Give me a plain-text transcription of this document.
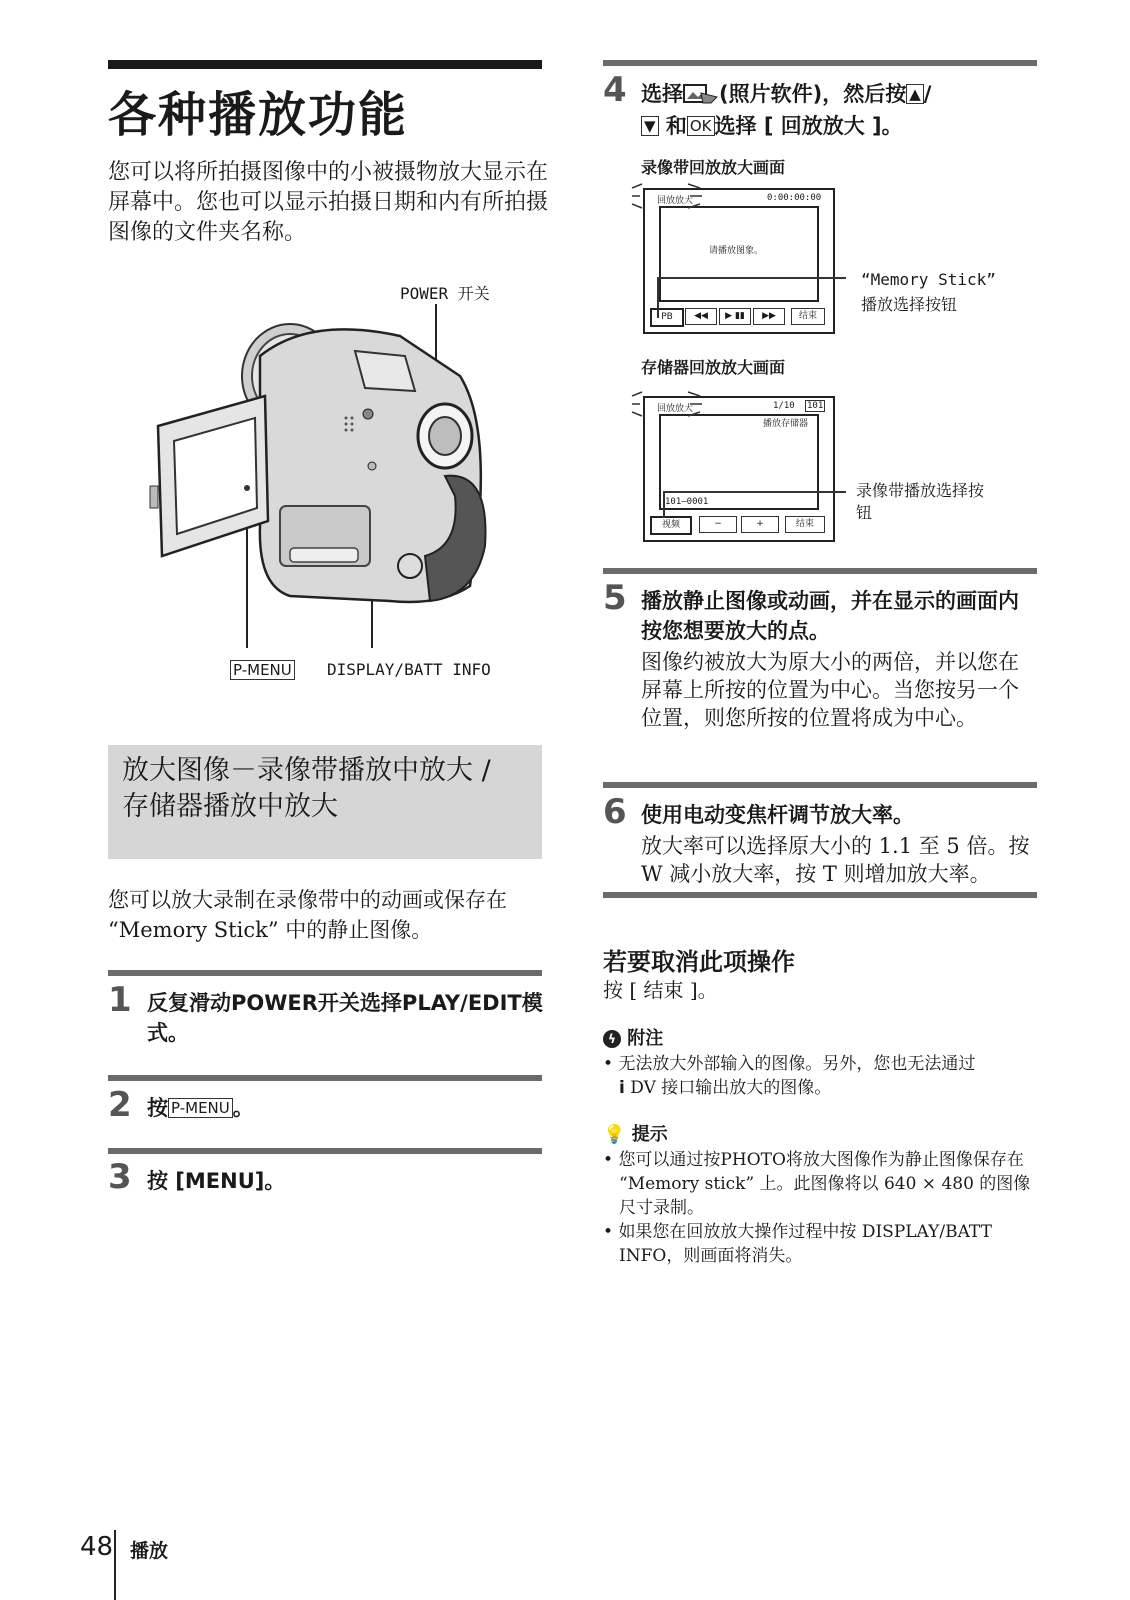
各种播放功能
您可以将所拍摄图像中的小被摄物放大显示在屏幕中。您也可以显示拍摄日期和内有所拍摄图像的文件夹名称。
POWER 开关
P-MENU DISPLAY/BATT INFO
放大图像－录像带播放中放大 /
存储器播放中放大
您可以放大录制在录像带中的动画或保存在 “Memory Stick” 中的静止图像。
1 反复滑动POWER开关选择PLAY/EDIT模式。
2 按 P-MENU 。
3 按 [MENU]。
4 选择 (照片软件)，然后按 ▲ /
▼ 和 OK 选择 [ 回放放大 ]。
录像带回放放大画面
回放放大	0:00:00:00
请播放图象。
PB	◀◀	▶ ▮▮	▶▶	结束
“Memory Stick”
播放选择按钮
存储器回放放大画面
回放放大	1/10 101
播放存储器
101–0001
视频	−	+	结束
录像带播放选择按
钮
5 播放静止图像或动画，并在显示的画面内按您想要放大的点。
图像约被放大为原大小的两倍，并以您在屏幕上所按的位置为中心。当您按另一个位置，则您所按的位置将成为中心。
6 使用电动变焦杆调节放大率。
放大率可以选择原大小的 1.1 至 5 倍。按 W 减小放大率，按 T 则增加放大率。
若要取消此项操作
按 [ 结束 ]。
ϟ 附注
• 无法放大外部输入的图像。另外，您也无法通过
i DV 接口输出放大的图像。
💡 提示
• 您可以通过按PHOTO将放大图像作为静止图像保存在 “Memory stick” 上。此图像将以 640 × 480 的图像尺寸录制。
• 如果您在回放放大操作过程中按 DISPLAY/BATT INFO，则画面将消失。
48 播放
